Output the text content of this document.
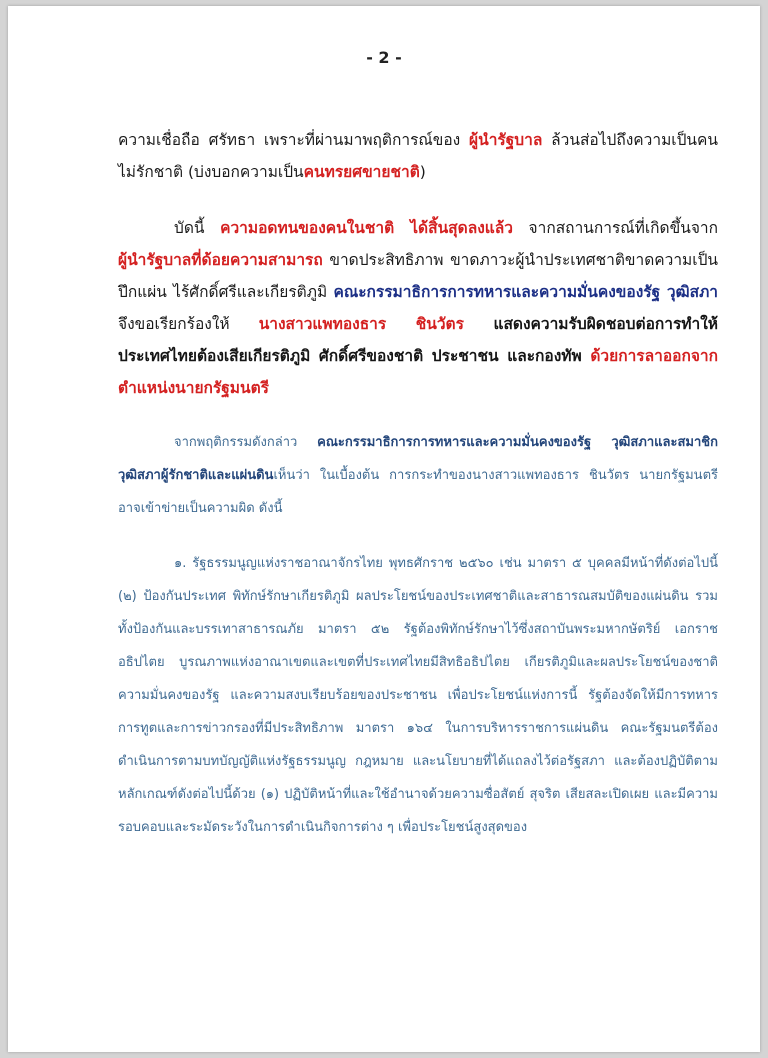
- 2 -

ความเชื่อถือ ศรัทธา เพราะที่ผ่านมาพฤติการณ์ของ ผู้นำรัฐบาล ล้วนส่อไปถึงความเป็นคนไม่รักชาติ (บ่งบอกความเป็นคนทรยศขายชาติ)

บัดนี้ ความอดทนของคนในชาติ ได้สิ้นสุดลงแล้ว จากสถานการณ์ที่เกิดขึ้นจาก ผู้นำรัฐบาลที่ด้อยความสามารถ ขาดประสิทธิภาพ ขาดภาวะผู้นำประเทศชาติขาดความเป็นปึกแผ่น ไร้ศักดิ์ศรีและเกียรติภูมิ คณะกรรมาธิการการทหารและความมั่นคงของรัฐ วุฒิสภา จึงขอเรียกร้องให้ นางสาวแพทองธาร ชินวัตร แสดงความรับผิดชอบต่อการทำให้ประเทศไทยต้องเสียเกียรติภูมิ ศักดิ์ศรีของชาติ ประชาชน และกองทัพ ด้วยการลาออกจากตำแหน่งนายกรัฐมนตรี

จากพฤติกรรมดังกล่าว คณะกรรมาธิการการทหารและความมั่นคงของรัฐ วุฒิสภาและสมาชิกวุฒิสภาผู้รักชาติและแผ่นดินเห็นว่า ในเบื้องต้น การกระทำของนางสาวแพทองธาร ชินวัตร นายกรัฐมนตรี อาจเข้าข่ายเป็นความผิด ดังนี้

๑. รัฐธรรมนูญแห่งราชอาณาจักรไทย พุทธศักราช ๒๕๖๐ เช่น มาตรา ๕ บุคคลมีหน้าที่ดังต่อไปนี้ (๒) ป้องกันประเทศ พิทักษ์รักษาเกียรติภูมิ ผลประโยชน์ของประเทศชาติและสาธารณสมบัติของแผ่นดิน รวมทั้งป้องกันและบรรเทาสาธารณภัย มาตรา ๕๒ รัฐต้องพิทักษ์รักษาไว้ซึ่งสถาบันพระมหากษัตริย์ เอกราช อธิปไตย บูรณภาพแห่งอาณาเขตและเขตที่ประเทศไทยมีสิทธิอธิปไตย เกียรติภูมิและผลประโยชน์ของชาติ ความมั่นคงของรัฐ และความสงบเรียบร้อยของประชาชน เพื่อประโยชน์แห่งการนี้ รัฐต้องจัดให้มีการทหาร การทูตและการข่าวกรองที่มีประสิทธิภาพ มาตรา ๑๖๔ ในการบริหารราชการแผ่นดิน คณะรัฐมนตรีต้องดำเนินการตามบทบัญญัติแห่งรัฐธรรมนูญ กฎหมาย และนโยบายที่ได้แถลงไว้ต่อรัฐสภา และต้องปฏิบัติตามหลักเกณฑ์ดังต่อไปนี้ด้วย (๑) ปฏิบัติหน้าที่และใช้อำนาจด้วยความซื่อสัตย์ สุจริต เสียสละเปิดเผย และมีความรอบคอบและระมัดระวังในการดำเนินกิจการต่าง ๆ เพื่อประโยชน์สูงสุดของ
